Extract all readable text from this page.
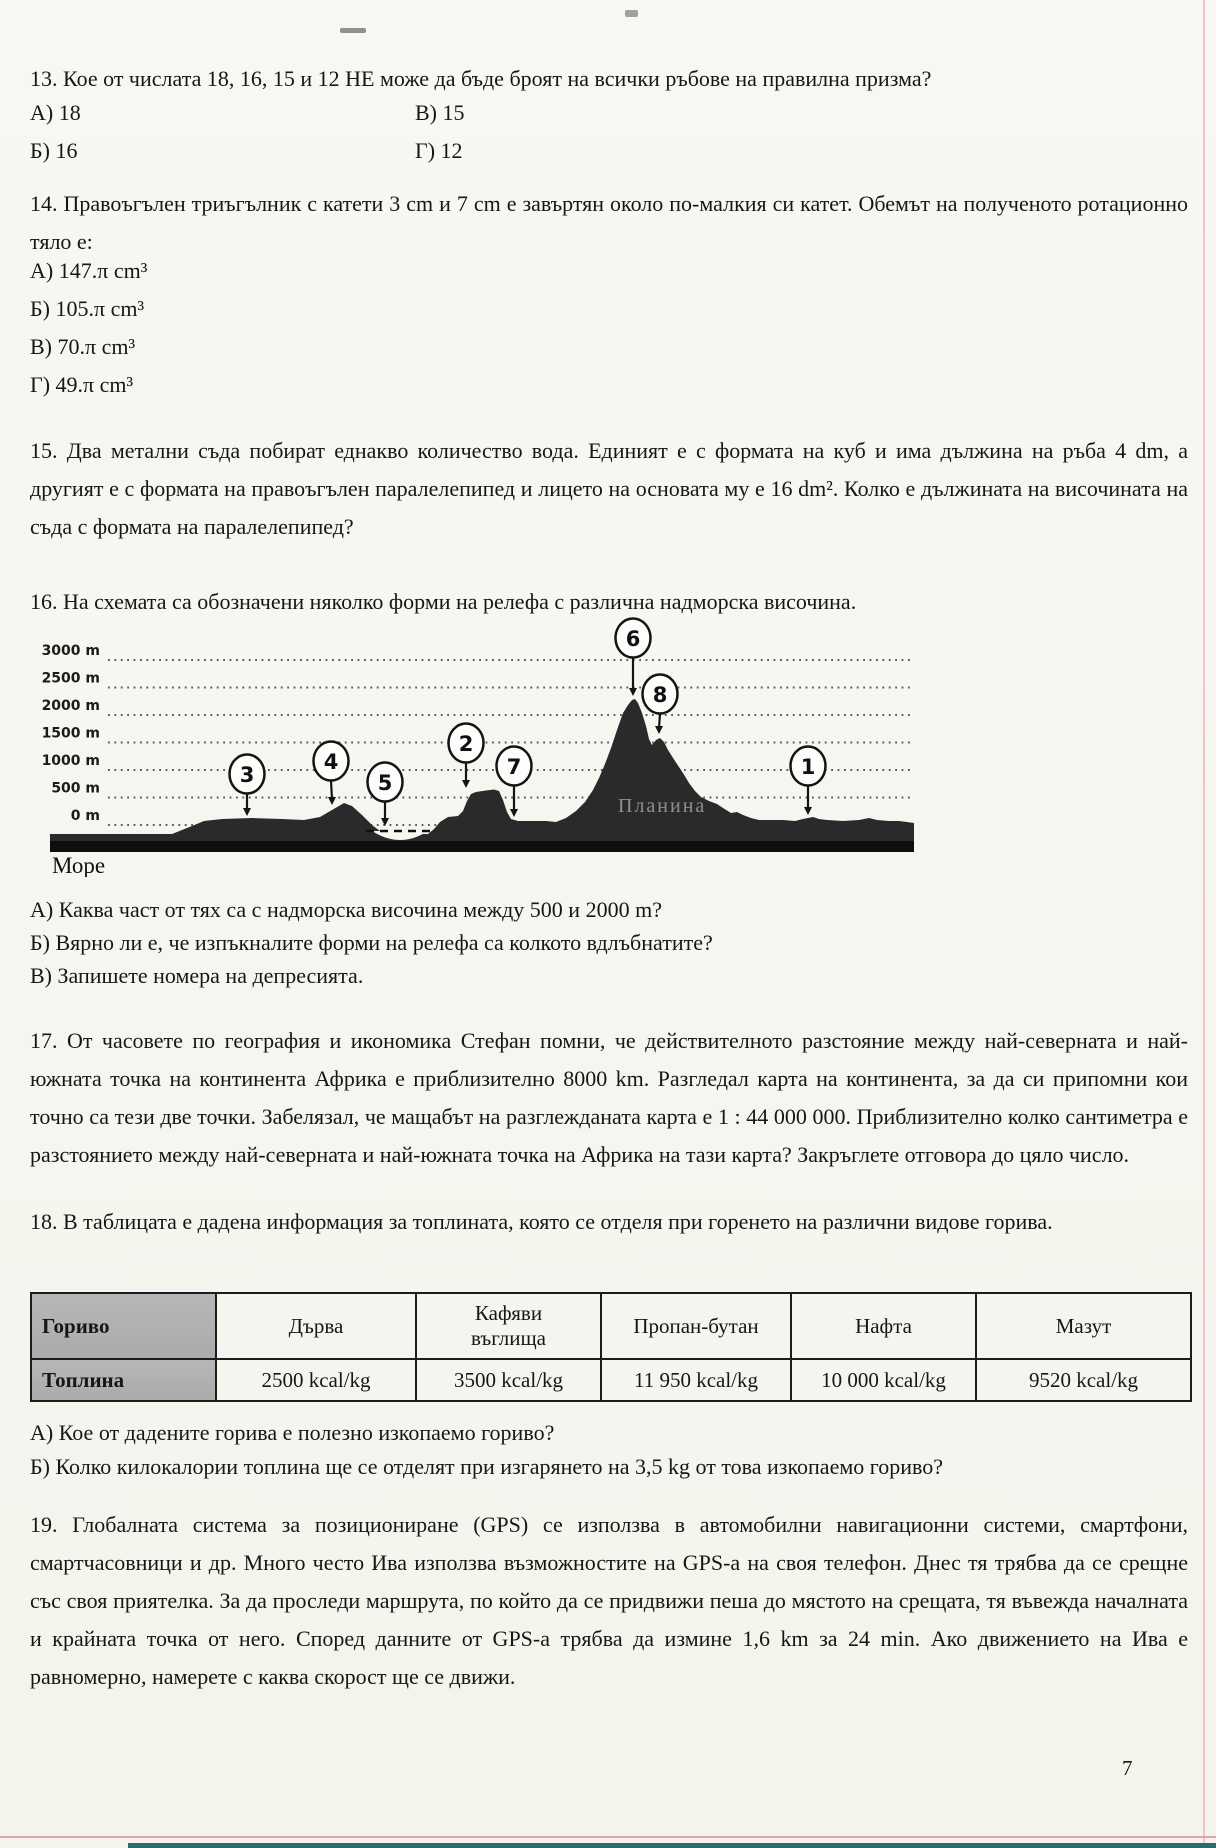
13. Кое от числата 18, 16, 15 и 12 НЕ може да бъде броят на всички ръбове на правилна призма?
А) 18
Б) 16
В) 15
Г) 12
14. Правоъгълен триъгълник с катети 3 cm и 7 cm е завъртян около по-малкия си катет. Обемът на полученото ротационно тяло е:
А) 147.π cm³
Б) 105.π cm³
В) 70.π cm³
Г) 49.π cm³
15. Два метални съда побират еднакво количество вода. Единият е с формата на куб и има дължина на ръба 4 dm, а другият е с формата на правоъгълен паралелепипед и лицето на основата му е 16 dm². Колко е дължината на височината на съда с формата на паралелепипед?
16. На схемата са обозначени няколко форми на релефа с различна надморска височина.
3000 m
2500 m
2000 m
1500 m
1000 m
500 m
0 m	Планина
3
4
5
2
7
6
8
1
Море
А) Каква част от тях са с надморска височина между 500 и 2000 m?
Б) Вярно ли е, че изпъкналите форми на релефа са колкото вдлъбнатите?
В) Запишете номера на депресията.
17. От часовете по география и икономика Стефан помни, че действителното разстояние между най-северната и най-южната точка на континента Африка е приблизително 8000 km. Разгледал карта на континента, за да си припомни кои точно са тези две точки. Забелязал, че мащабът на разглежданата карта е 1 : 44 000 000. Приблизително колко сантиметра е разстоянието между най-северната и най-южната точка на Африка на тази карта? Закръглете отговора до цяло число.
18. В таблицата е дадена информация за топлината, която се отделя при горенето на различни видове горива.
Гориво	Дърва	Кафяви въглища	Пропан-бутан	Нафта	Мазут
Топлина	2500 kcal/kg	3500 kcal/kg	11 950 kcal/kg	10 000 kcal/kg	9520 kcal/kg
А) Кое от дадените горива е полезно изкопаемо гориво?
Б) Колко килокалории топлина ще се отделят при изгарянето на 3,5 kg от това изкопаемо гориво?
19. Глобалната система за позициониране (GPS) се използва в автомобилни навигационни системи, смартфони, смартчасовници и др. Много често Ива използва възможностите на GPS-а на своя телефон. Днес тя трябва да се срещне със своя приятелка. За да проследи маршрута, по който да се придвижи пеша до мястото на срещата, тя въвежда началната и крайната точка от него. Според данните от GPS-а трябва да измине 1,6 km за 24 min. Ако движението на Ива е равномерно, намерете с каква скорост ще се движи.
7
